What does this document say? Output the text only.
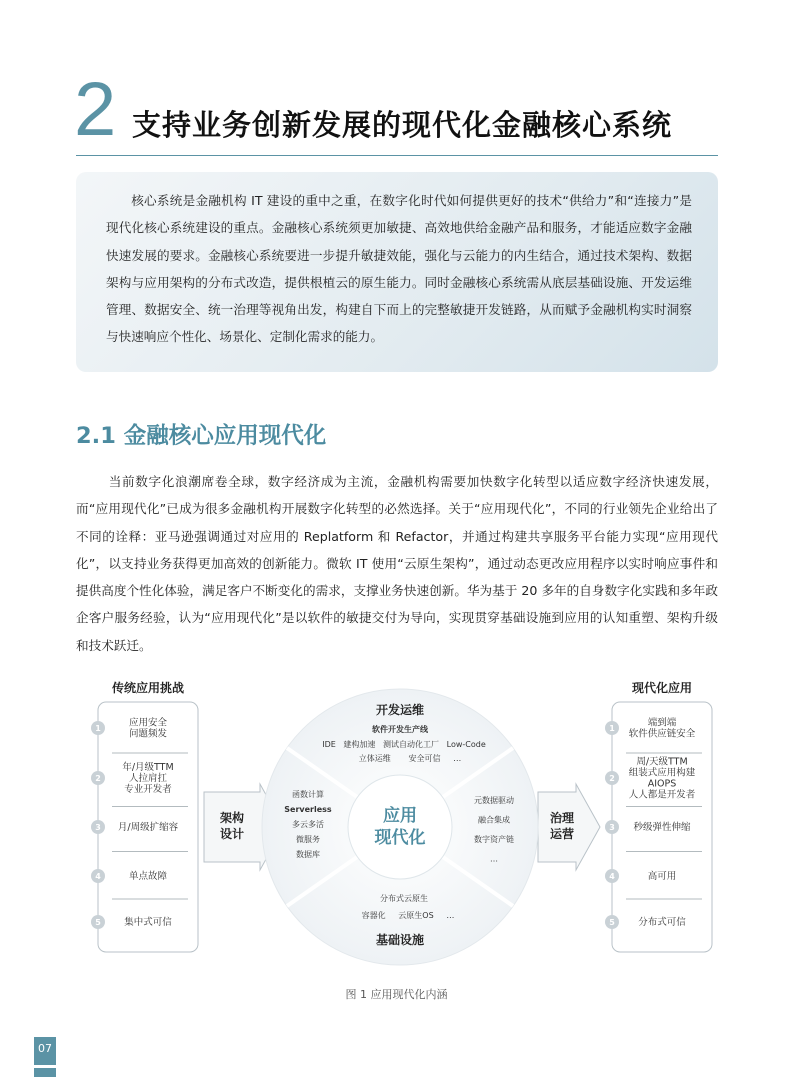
2 支持业务创新发展的现代化金融核心系统

核心系统是金融机构 IT 建设的重中之重，在数字化时代如何提供更好的技术“供给力”和“连接力”是现代化核心系统建设的重点。金融核心系统须更加敏捷、高效地供给金融产品和服务，才能适应数字金融快速发展的要求。金融核心系统要进一步提升敏捷效能，强化与云能力的内生结合，通过技术架构、数据架构与应用架构的分布式改造，提供根植云的原生能力。同时金融核心系统需从底层基础设施、开发运维管理、数据安全、统一治理等视角出发，构建自下而上的完整敏捷开发链路，从而赋予金融机构实时洞察与快速响应个性化、场景化、定制化需求的能力。

2.1 金融核心应用现代化

当前数字化浪潮席卷全球，数字经济成为主流，金融机构需要加快数字化转型以适应数字经济快速发展，而“应用现代化”已成为很多金融机构开展数字化转型的必然选择。关于“应用现代化”，不同的行业领先企业给出了不同的诠释：亚马逊强调通过对应用的 Replatform 和 Refactor，并通过构建共享服务平台能力实现“应用现代化”，以支持业务获得更加高效的创新能力。微软 IT 使用“云原生架构”，通过动态更改应用程序以实时响应事件和提供高度个性化体验，满足客户不断变化的需求，支撑业务快速创新。华为基于 20 多年的自身数字化实践和多年政企客户服务经验，认为“应用现代化”是以软件的敏捷交付为导向，实现贯穿基础设施到应用的认知重塑、架构升级和技术跃迁。

传统应用挑战	现代化应用
1	应用安全
问题频发
2
年/月级TTM
人拉肩扛
专业开发者
3 月/周级扩缩容
4	单点故障
5 集中式可信
1	端到端
软件供应链安全
2
周/天级TTM
组装式应用构建
AIOPS
人人都是开发者
3 秒级弹性伸缩
4	高可用
5 分布式可信
架构
设计
治理
运营
应用
现代化
开发运维
软件开发生产线
IDE   建构加速   测试自动化工厂   Low-Code
立体运维       安全可信     …
函数计算
Serverless
多云多活
微服务
数据库
元数据驱动
融合集成
数字资产链
…
分布式云原生
容器化     云原生OS     …
基础设施
图 1 应用现代化内涵
07
